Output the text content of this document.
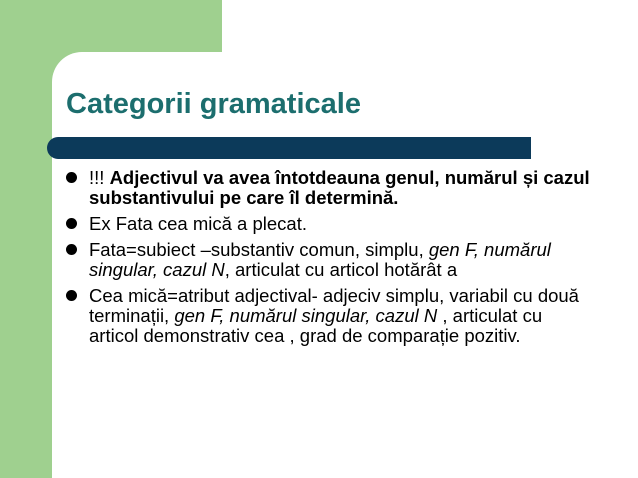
Categorii gramaticale
!!! Adjectivul va avea întotdeauna genul, numărul și cazul substantivului pe care îl determină.
Ex Fata cea mică a plecat.
Fata=subiect –substantiv comun, simplu, gen F, numărul singular, cazul N, articulat cu articol hotărât a
Cea mică=atribut adjectival- adjeciv simplu, variabil cu două terminații, gen F, numărul singular, cazul N , articulat cu articol demonstrativ cea , grad de comparație pozitiv.
